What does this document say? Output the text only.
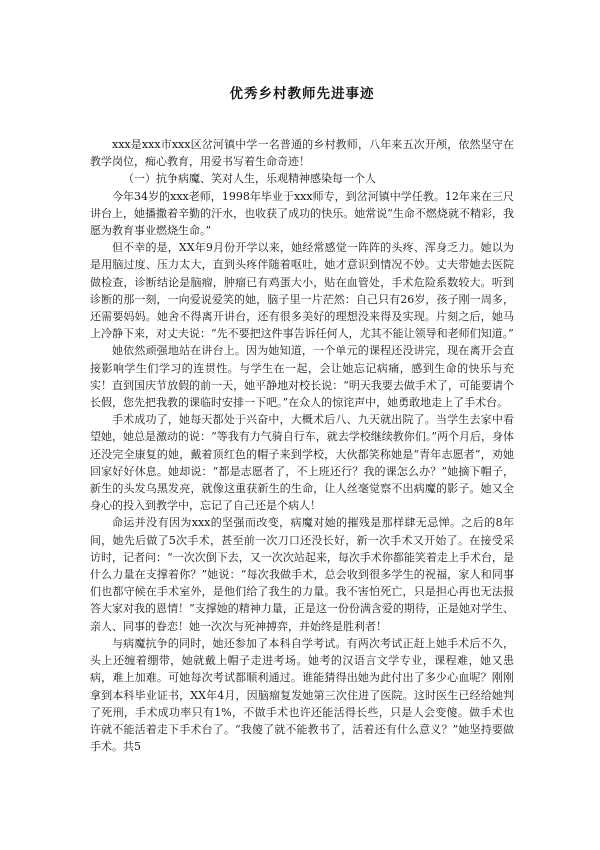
优秀乡村教师先进事迹

xxx是xxx市xxx区岔河镇中学一名普通的乡村教师，八年来五次开颅，依然坚守在教学岗位，痴心教育，用爱书写着生命奇迹！

（一）抗争病魔、笑对人生，乐观精神感染每一个人

今年34岁的xxx老师，1998年毕业于xxx师专，到岔河镇中学任教。12年来在三尺讲台上，她播撒着辛勤的汗水，也收获了成功的快乐。她常说“生命不燃烧就不精彩，我愿为教育事业燃烧生命。”

但不幸的是，XX年9月份开学以来，她经常感觉一阵阵的头疼、浑身乏力。她以为是用脑过度、压力太大，直到头疼伴随着呕吐，她才意识到情况不妙。丈夫带她去医院做检查，诊断结论是脑瘤，肿瘤已有鸡蛋大小，贴在血管处，手术危险系数较大。听到诊断的那一刻，一向爱说爱笑的她，脑子里一片茫然：自己只有26岁，孩子刚一周多，还需要妈妈。她舍不得离开讲台，还有很多美好的理想没来得及实现。片刻之后，她马上冷静下来，对丈夫说：“先不要把这件事告诉任何人，尤其不能让领导和老师们知道。”

她依然顽强地站在讲台上。因为她知道，一个单元的课程还没讲完，现在离开会直接影响学生们学习的连贯性。与学生在一起，会让她忘记病痛，感到生命的快乐与充实！直到国庆节放假的前一天，她平静地对校长说：“明天我要去做手术了，可能要请个长假，您先把我教的课临时安排一下吧。”在众人的惊诧声中，她勇敢地走上了手术台。

手术成功了，她每天都处于兴奋中，大概术后八、九天就出院了。当学生去家中看望她，她总是激动的说：“等我有力气骑自行车，就去学校继续教你们。”两个月后，身体还没完全康复的她，戴着顶红色的帽子来到学校，大伙都笑称她是“青年志愿者”，劝她回家好好休息。她却说：“都是志愿者了，不上班还行？我的课怎么办？”她摘下帽子，新生的头发乌黑发亮，就像这重获新生的生命，让人丝毫觉察不出病魔的影子。她又全身心的投入到教学中，忘记了自己还是个病人！

命运并没有因为xxx的坚强而改变，病魔对她的摧残是那样肆无忌惮。之后的8年间，她先后做了5次手术，甚至前一次刀口还没长好，新一次手术又开始了。在接受采访时，记者问：“一次次倒下去，又一次次站起来，每次手术你都能笑着走上手术台，是什么力量在支撑着你？”她说：“每次我做手术，总会收到很多学生的祝福，家人和同事们也都守候在手术室外，是他们给了我生的力量。我不害怕死亡，只是担心再也无法报答大家对我的恩情！”支撑她的精神力量，正是这一份份满含爱的期待，正是她对学生、亲人、同事的眷恋！她一次次与死神搏弈，并始终是胜利者！

与病魔抗争的同时，她还参加了本科自学考试。有两次考试正赶上她手术后不久，头上还缠着绷带，她就戴上帽子走进考场。她考的汉语言文学专业，课程难，她又患病，难上加难。可她每次考试都顺利通过。谁能猜得出她为此付出了多少心血呢？刚刚拿到本科毕业证书，XX年4月，因脑瘤复发她第三次住进了医院。这时医生已经给她判了死刑，手术成功率只有1%，不做手术也许还能活得长些，只是人会变傻。做手术也许就不能活着走下手术台了。“我傻了就不能教书了，活着还有什么意义？”她坚持要做手术。共5
